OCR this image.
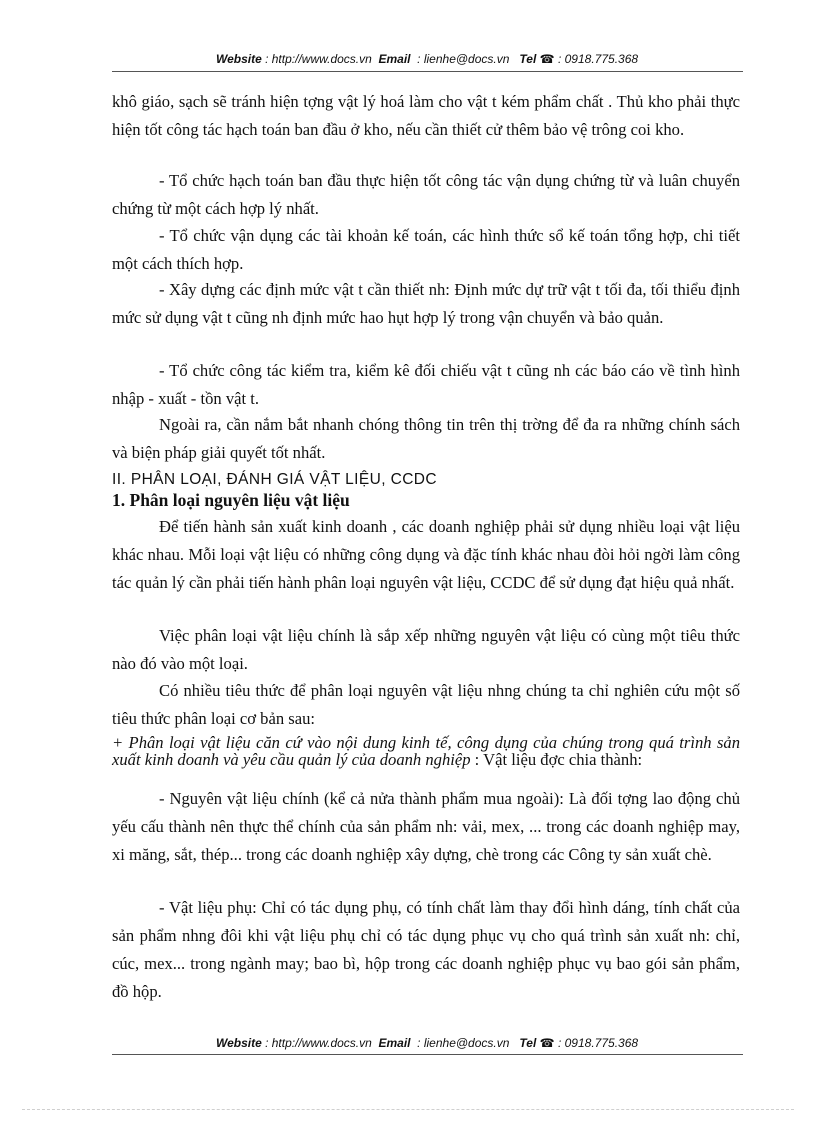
Website : http://www.docs.vn Email : lienhe@docs.vn Tel ☎ : 0918.775.368
khô giáo, sạch sẽ tránh hiện tợng vật lý hoá làm cho vật t kém phẩm chất . Thủ kho phải thực hiện tốt công tác hạch toán ban đầu ở kho, nếu cần thiết cử thêm bảo vệ trông coi kho.
- Tổ chức hạch toán ban đầu thực hiện tốt công tác vận dụng chứng từ và luân chuyển chứng từ một cách hợp lý nhất.
- Tổ chức vận dụng các tài khoản kế toán, các hình thức sổ kế toán tổng hợp, chi tiết một cách thích hợp.
- Xây dựng các định mức vật t cần thiết nh: Định mức dự trữ vật t tối đa, tối thiểu định mức sử dụng vật t cũng nh định mức hao hụt hợp lý trong vận chuyển và bảo quản.
- Tổ chức công tác kiểm tra, kiểm kê đối chiếu vật t cũng nh các báo cáo về tình hình nhập - xuất - tồn vật t.
Ngoài ra, cần nắm bắt nhanh chóng thông tin trên thị trờng để đa ra những chính sách và biện pháp giải quyết tốt nhất.
II. PHÂN LOẠI, ĐÁNH GIÁ VẬT LIỆU, CCDC
1. Phân loại nguyên liệu vật liệu
Để tiến hành sản xuất kinh doanh , các doanh nghiệp phải sử dụng nhiều loại vật liệu khác nhau. Mỗi loại vật liệu có những công dụng và đặc tính khác nhau đòi hỏi ngời làm công tác quản lý cần phải tiến hành phân loại nguyên vật liệu, CCDC để sử dụng đạt hiệu quả nhất.
Việc phân loại vật liệu chính là sắp xếp những nguyên vật liệu có cùng một tiêu thức nào đó vào một loại.
Có nhiều tiêu thức để phân loại nguyên vật liệu nhng chúng ta chỉ nghiên cứu một số tiêu thức phân loại cơ bản sau:
+ Phân loại vật liệu căn cứ vào nội dung kinh tế, công dụng của chúng trong quá trình sản xuất kinh doanh và yêu cầu quản lý của doanh nghiệp : Vật liệu đợc chia thành:
- Nguyên vật liệu chính (kể cả nửa thành phẩm mua ngoài): Là đối tợng lao động chủ yếu cấu thành nên thực thể chính của sản phẩm nh: vải, mex, ... trong các doanh nghiệp may, xi măng, sắt, thép... trong các doanh nghiệp xây dựng, chè trong các Công ty sản xuất chè.
- Vật liệu phụ: Chỉ có tác dụng phụ, có tính chất làm thay đổi hình dáng, tính chất của sản phẩm nhng đôi khi vật liệu phụ chỉ có tác dụng phục vụ cho quá trình sản xuất nh: chỉ, cúc, mex... trong ngành may; bao bì, hộp trong các doanh nghiệp phục vụ bao gói sản phẩm, đồ hộp.
Website : http://www.docs.vn Email : lienhe@docs.vn Tel ☎ : 0918.775.368
